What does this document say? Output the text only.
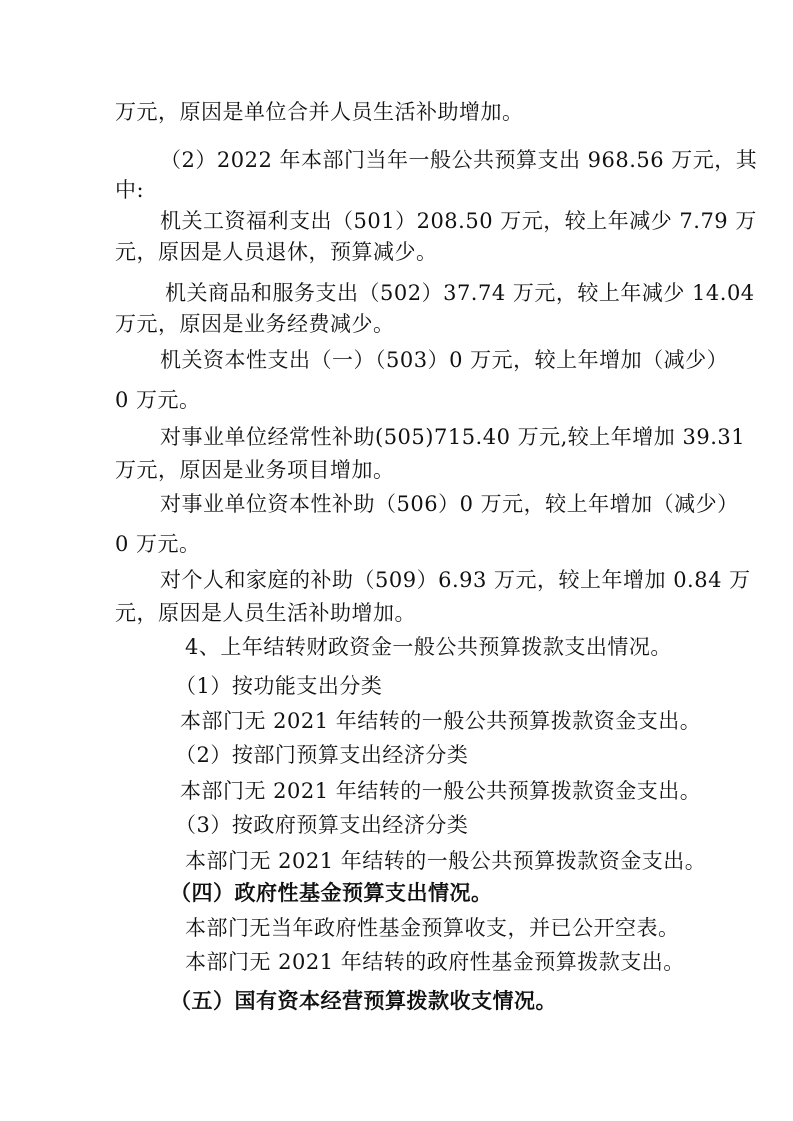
万元，原因是单位合并人员生活补助增加。
（2）2022 年本部门当年一般公共预算支出 968.56 万元，其
中:
机关工资福利支出（501）208.50 万元，较上年减少 7.79 万
元，原因是人员退休，预算减少。
机关商品和服务支出（502）37.74 万元，较上年减少 14.04
万元，原因是业务经费减少。
机关资本性支出（一）（503）0 万元，较上年增加（减少）
0 万元。
对事业单位经常性补助(505)715.40 万元,较上年增加 39.31
万元，原因是业务项目增加。
对事业单位资本性补助（506）0 万元，较上年增加（减少）
0 万元。
对个人和家庭的补助（509）6.93 万元，较上年增加 0.84 万
元，原因是人员生活补助增加。
4、上年结转财政资金一般公共预算拨款支出情况。
（1）按功能支出分类
本部门无 2021 年结转的一般公共预算拨款资金支出。
（2）按部门预算支出经济分类
本部门无 2021 年结转的一般公共预算拨款资金支出。
（3）按政府预算支出经济分类
本部门无 2021 年结转的一般公共预算拨款资金支出。
（四）政府性基金预算支出情况。
本部门无当年政府性基金预算收支，并已公开空表。
本部门无 2021 年结转的政府性基金预算拨款支出。
（五）国有资本经营预算拨款收支情况。
